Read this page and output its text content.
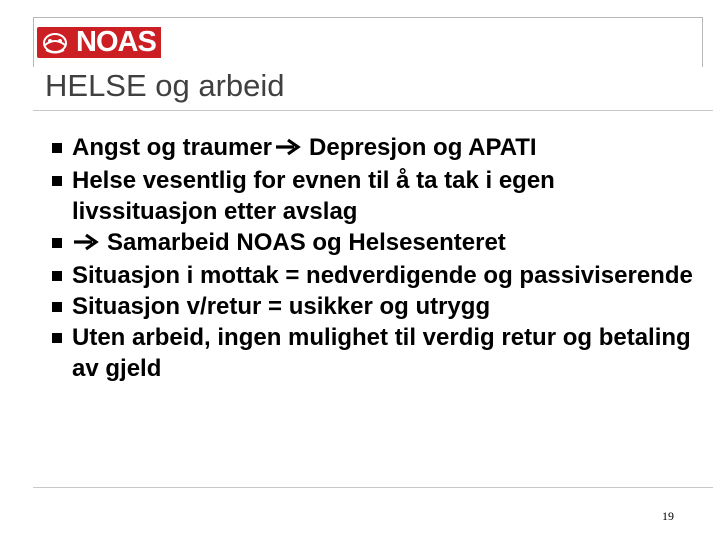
NOAS
HELSE og arbeid
Angst og traumer Depresjon og APATI
Helse vesentlig for evnen til å ta tak i egen livssituasjon etter avslag
Samarbeid NOAS og Helsesenteret
Situasjon i mottak = nedverdigende og passiviserende
Situasjon v/retur = usikker og utrygg
Uten arbeid, ingen mulighet til verdig retur og betaling av gjeld
19
